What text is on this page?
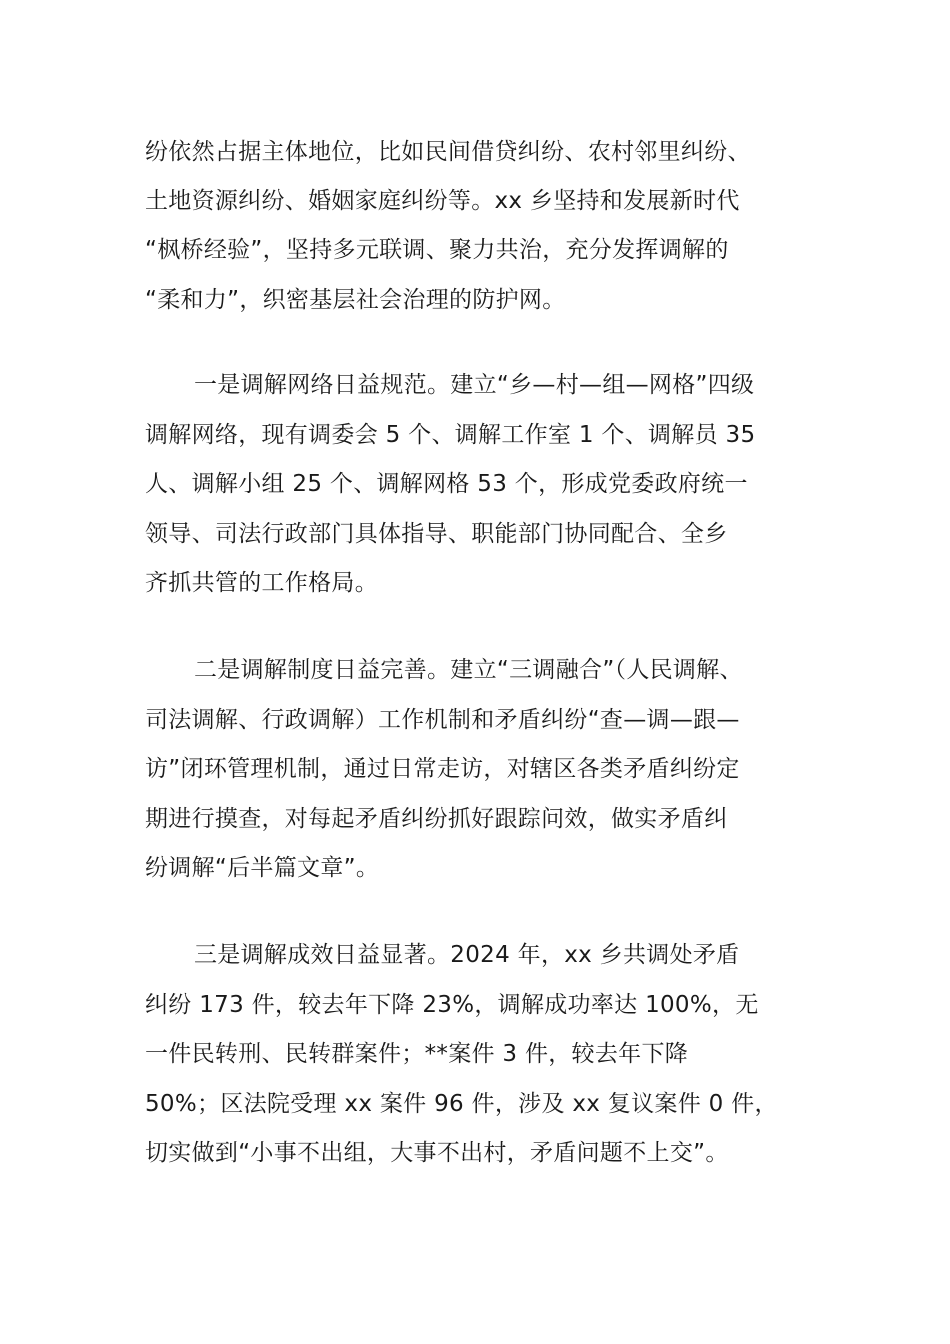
纷依然占据主体地位，比如民间借贷纠纷、农村邻里纠纷、
土地资源纠纷、婚姻家庭纠纷等。xx 乡坚持和发展新时代
“枫桥经验”，坚持多元联调、聚力共治，充分发挥调解的
“柔和力”，织密基层社会治理的防护网。
一是调解网络日益规范。建立“乡—村—组—网格”四级
调解网络，现有调委会 5 个、调解工作室 1 个、调解员 35
人、调解小组 25 个、调解网格 53 个，形成党委政府统一
领导、司法行政部门具体指导、职能部门协同配合、全乡
齐抓共管的工作格局。
二是调解制度日益完善。建立“三调融合”（人民调解、
司法调解、行政调解）工作机制和矛盾纠纷“查—调—跟—
访”闭环管理机制，通过日常走访，对辖区各类矛盾纠纷定
期进行摸查，对每起矛盾纠纷抓好跟踪问效，做实矛盾纠
纷调解“后半篇文章”。
三是调解成效日益显著。2024 年，xx 乡共调处矛盾
纠纷 173 件，较去年下降 23%，调解成功率达 100%，无
一件民转刑、民转群案件；**案件 3 件，较去年下降
50%；区法院受理 xx 案件 96 件，涉及 xx 复议案件 0 件，
切实做到“小事不出组，大事不出村，矛盾问题不上交”。
